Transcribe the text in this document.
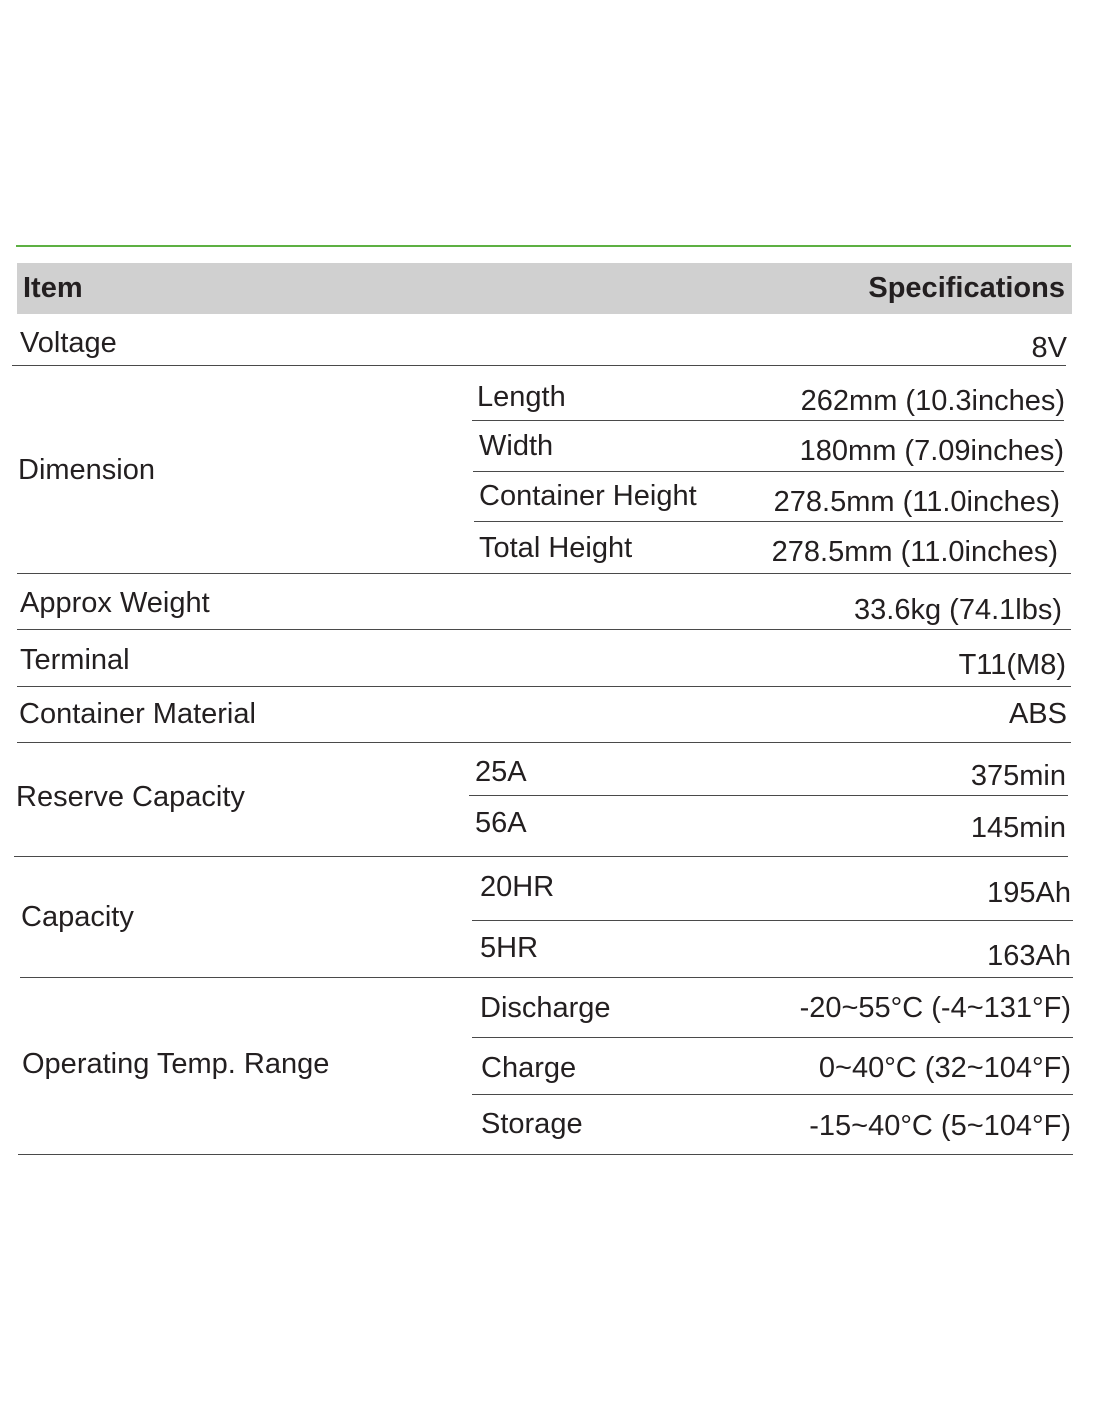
Item	Specifications
Voltage	8V
Dimension
Length	262mm (10.3inches)
Width	180mm (7.09inches)
Container Height	278.5mm (11.0inches)
Total Height	278.5mm (11.0inches)
Approx Weight	33.6kg (74.1lbs)
Terminal	T11(M8)
Container Material	ABS
Reserve Capacity
25A	375min
56A	145min
Capacity
20HR	195Ah
5HR	163Ah
Operating Temp. Range
Discharge	-20~55°C (-4~131°F)
Charge	0~40°C (32~104°F)
Storage	-15~40°C (5~104°F)
